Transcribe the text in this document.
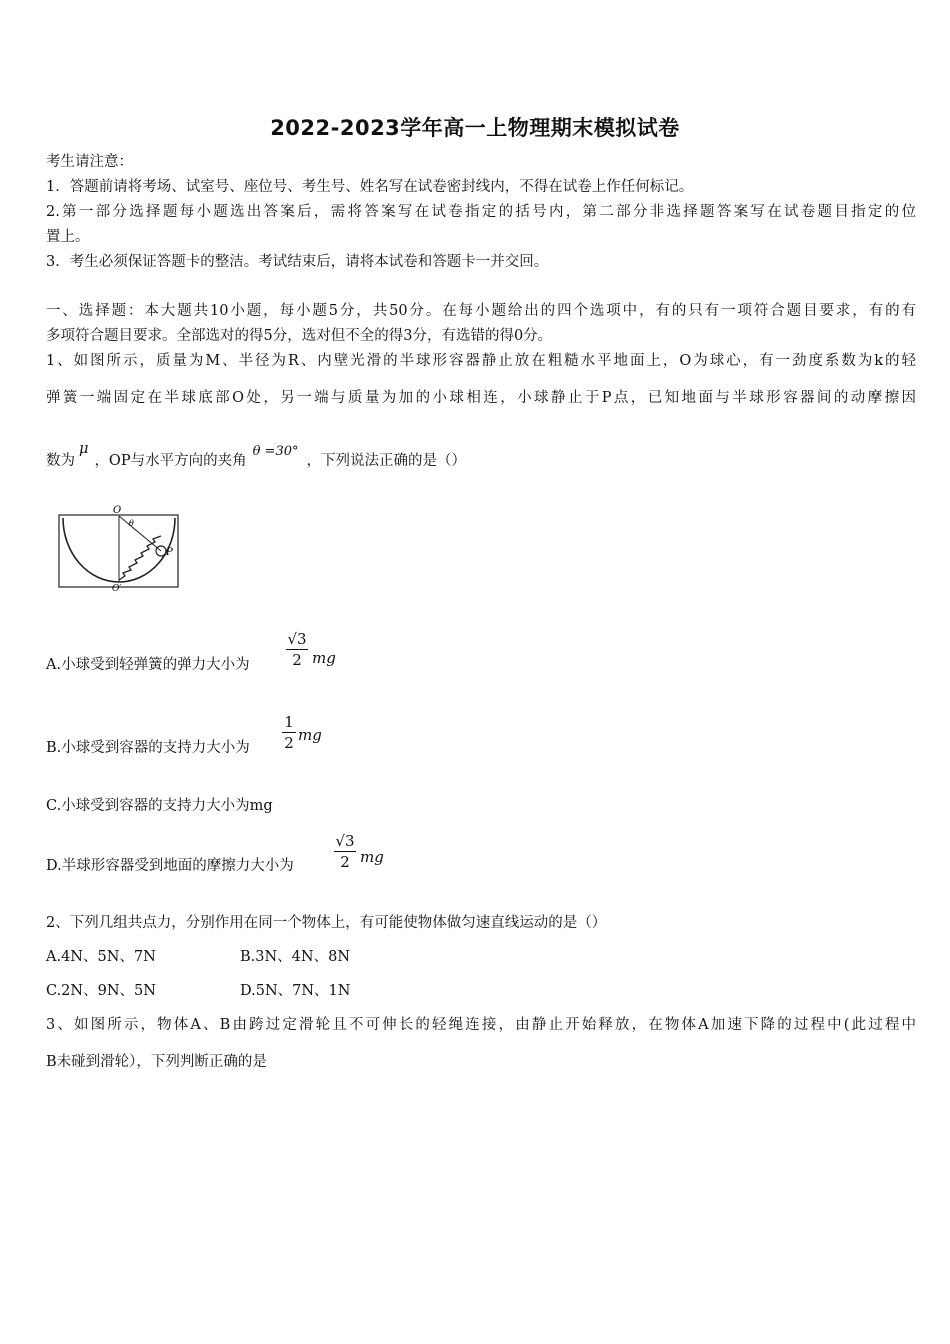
2022-2023学年高一上物理期末模拟试卷
考生请注意：
1．答题前请将考场、试室号、座位号、考生号、姓名写在试卷密封线内，不得在试卷上作任何标记。
2.第一部分选择题每小题选出答案后，需将答案写在试卷指定的括号内，第二部分非选择题答案写在试卷题目指定的位
置上。
3．考生必须保证答题卡的整洁。考试结束后，请将本试卷和答题卡一并交回。
一、选择题：本大题共10小题，每小题5分，共50分。在每小题给出的四个选项中，有的只有一项符合题目要求，有的有
多项符合题目要求。全部选对的得5分，选对但不全的得3分，有选错的得0分。
1、如图所示，质量为M、半径为R、内壁光滑的半球形容器静止放在粗糙水平地面上，O为球心，有一劲度系数为k的轻
弹簧一端固定在半球底部O处，另一端与质量为加的小球相连，小球静止于P点，已知地面与半球形容器间的动摩擦因
数为μ，OP与水平方向的夹角θ =30°，下列说法正确的是（）
O
θ
P
O′
A.小球受到轻弹簧的弹力大小为
√3
2 mg
B.小球受到容器的支持力大小为
1
2 mg
C.小球受到容器的支持力大小为mg
D.半球形容器受到地面的摩擦力大小为
√3
2 mg
2、下列几组共点力，分别作用在同一个物体上，有可能使物体做匀速直线运动的是（）
A.4N、5N、7N	B.3N、4N、8N
C.2N、9N、5N	D.5N、7N、1N
3、如图所示，物体A、B由跨过定滑轮且不可伸长的轻绳连接，由静止开始释放，在物体A加速下降的过程中(此过程中
B未碰到滑轮），下列判断正确的是
